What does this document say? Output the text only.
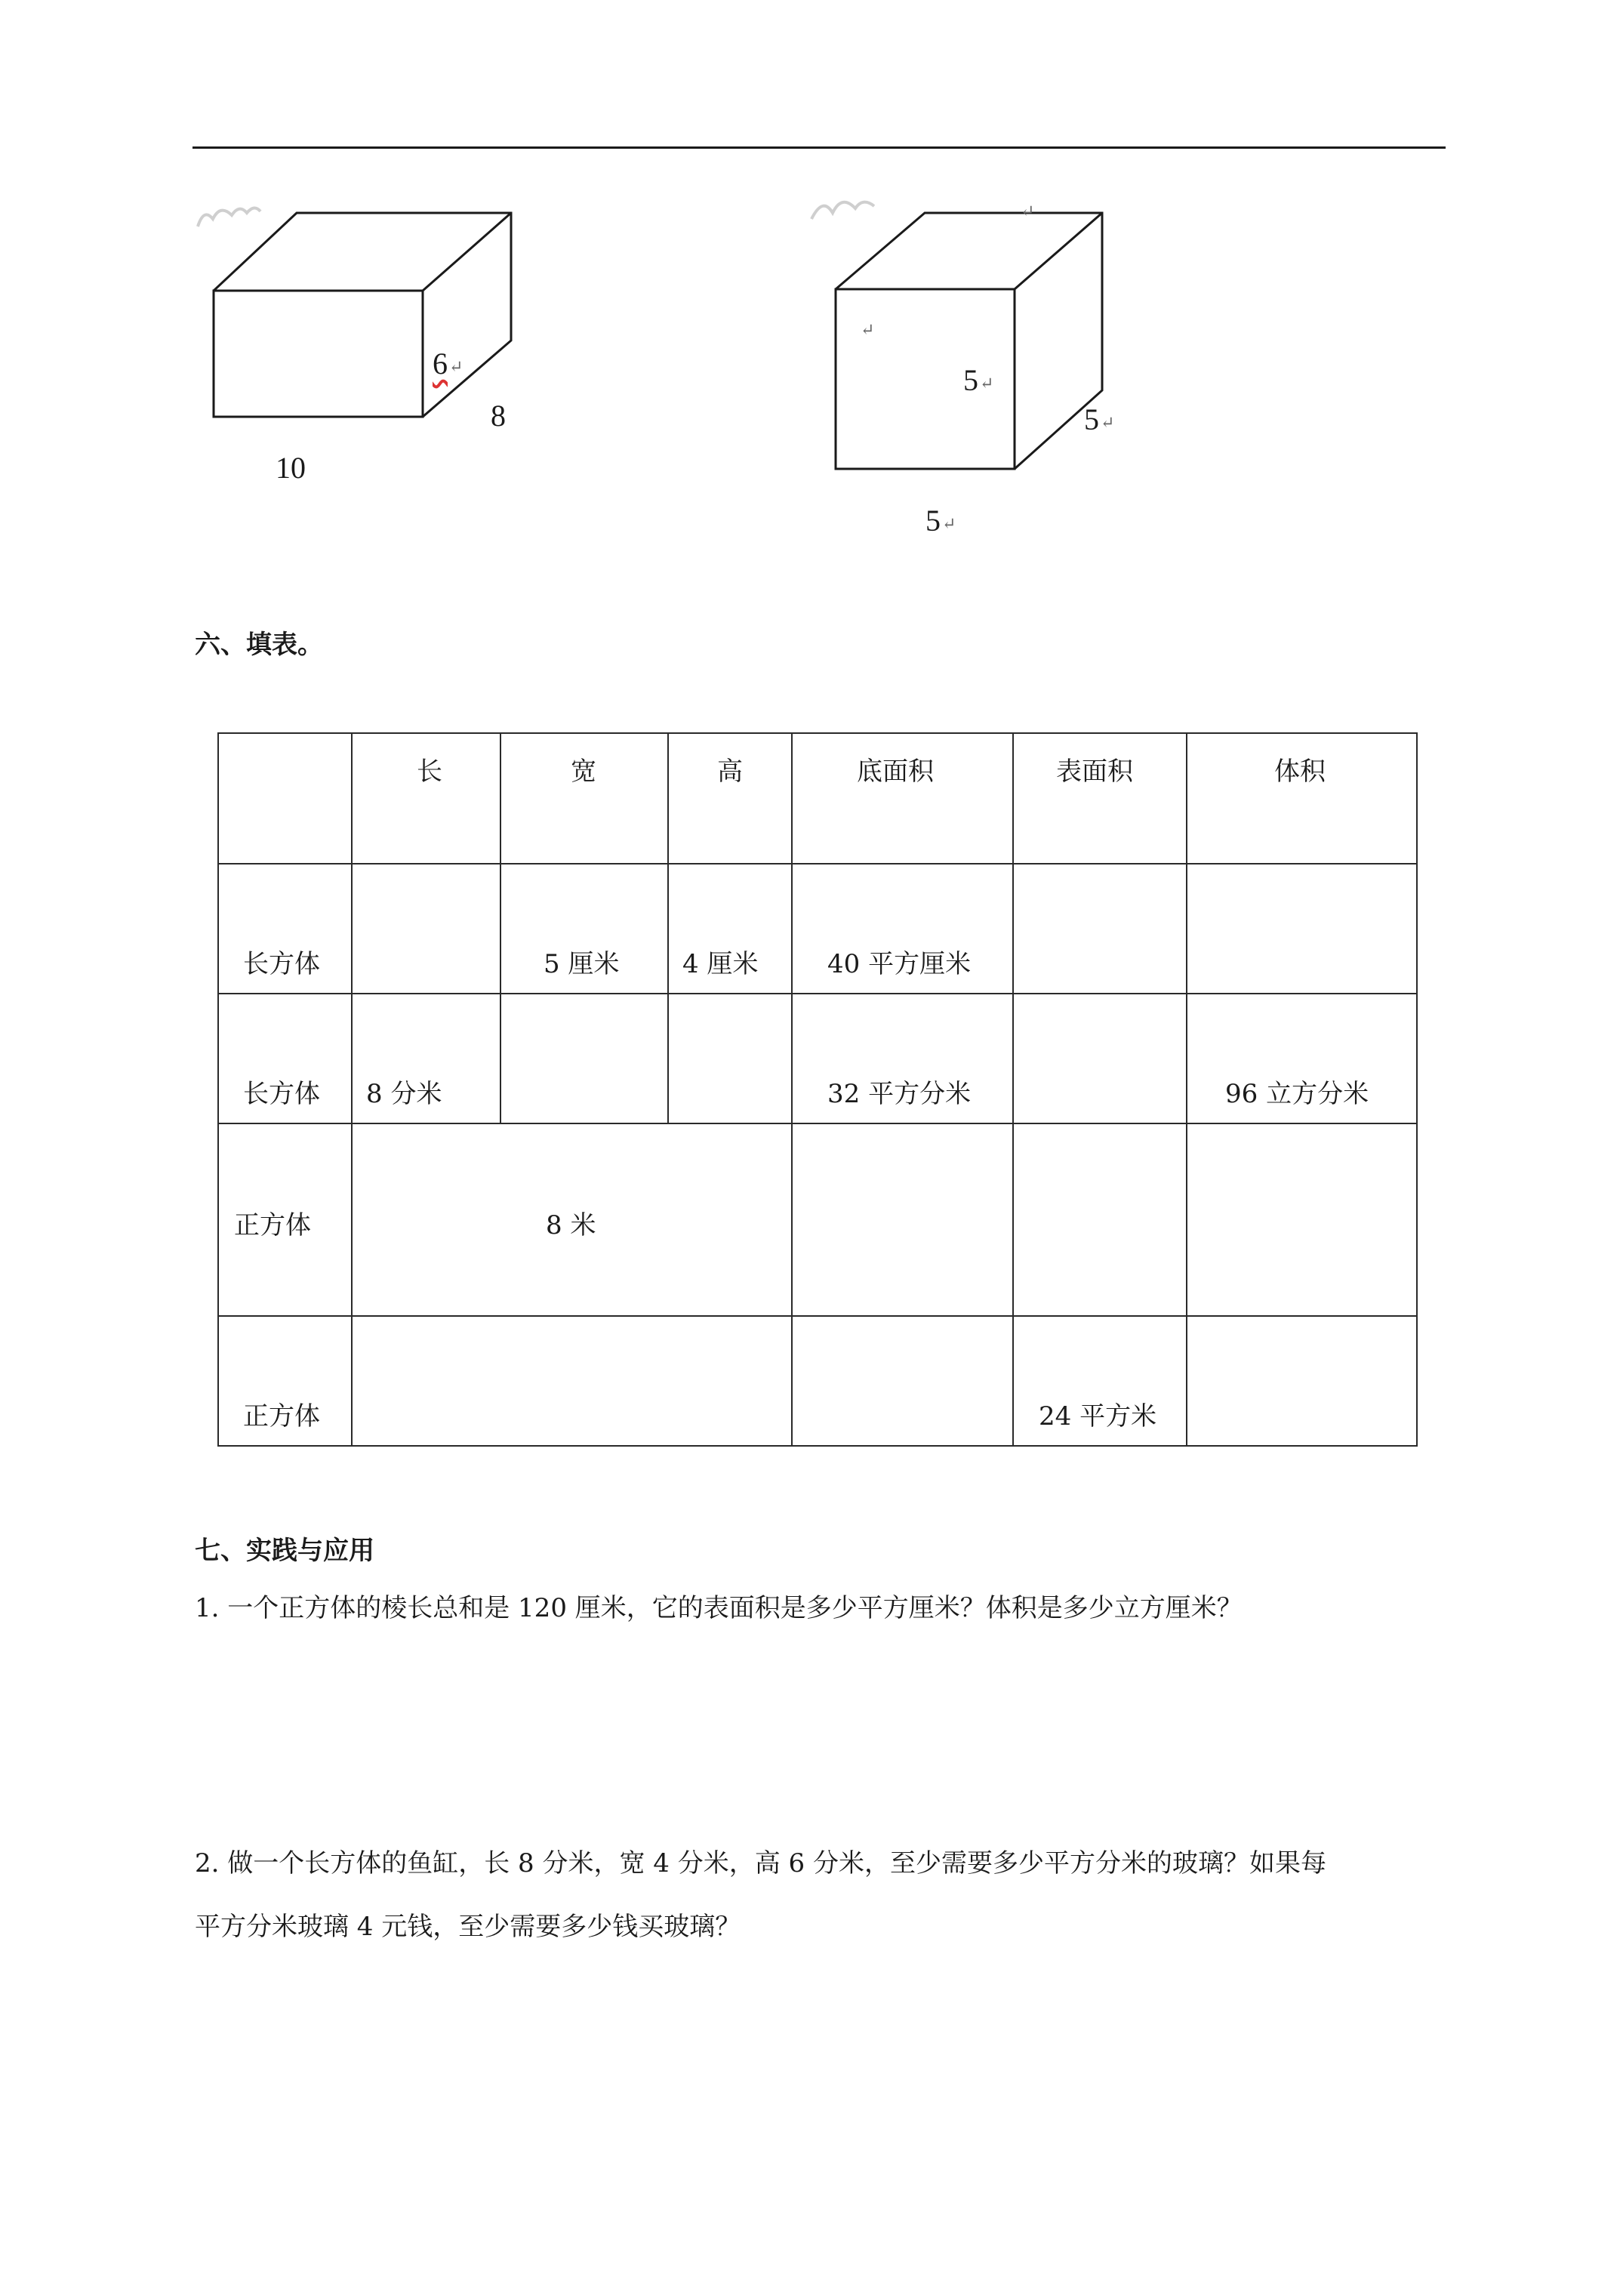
6↵
8
10
↵
↵
5↵
5↵
5↵
六、填表。

	长	宽	高	底面积	表面积	体积

长方体		5 厘米	4 厘米	40 平方厘米		

长方体	8 分米			32 平方分米		96 立方分米

正方体	8 米					

正方体					24 平方米	

七、实践与应用
1. 一个正方体的棱长总和是 120 厘米，它的表面积是多少平方厘米？体积是多少立方厘米？
2. 做一个长方体的鱼缸，长 8 分米，宽 4 分米，高 6 分米，至少需要多少平方分米的玻璃？如果每
平方分米玻璃 4 元钱，至少需要多少钱买玻璃？
